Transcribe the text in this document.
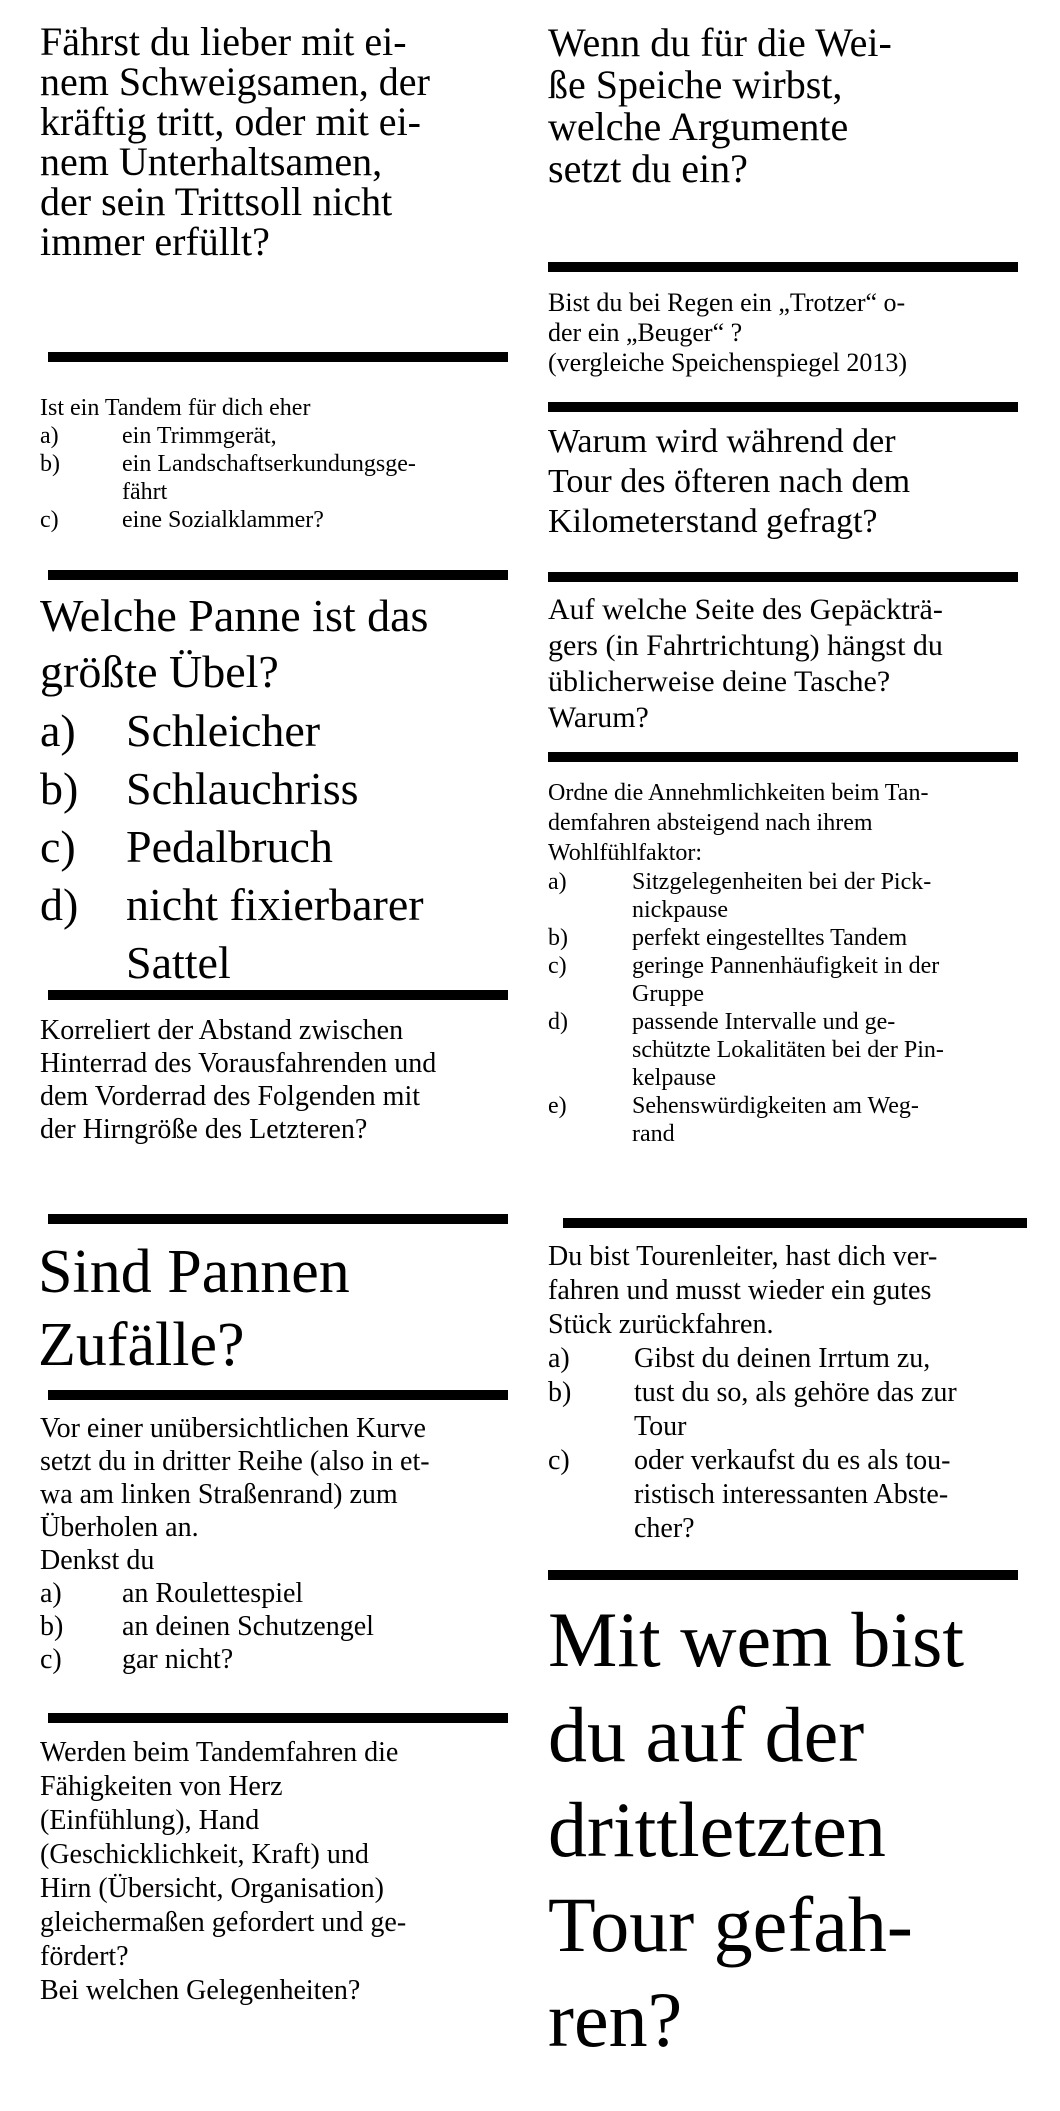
Fährst du lieber mit ei-
nem Schweigsamen, der
kräftig tritt, oder mit ei-
nem Unterhaltsamen,
der sein Trittsoll nicht
immer erfüllt?
Ist ein Tandem für dich eher
a)	ein Trimmgerät,
b)	ein Landschaftserkundungsge-
fährt
c)	eine Sozialklammer?
Welche Panne ist das
größte Übel?
a)	Schleicher
b)	Schlauchriss
c)	Pedalbruch
d)	nicht fixierbarer
Sattel
Korreliert der Abstand zwischen
Hinterrad des Vorausfahrenden und
dem Vorderrad des Folgenden mit
der Hirngröße des Letzteren?
Sind Pannen
Zufälle?
Vor einer unübersichtlichen Kurve
setzt du in dritter Reihe (also in et-
wa am linken Straßenrand) zum
Überholen an.
Denkst du
a)	an Roulettespiel
b)	an deinen Schutzengel
c)	gar nicht?
Werden beim Tandemfahren die
Fähigkeiten von Herz
(Einfühlung), Hand
(Geschicklichkeit, Kraft) und
Hirn (Übersicht, Organisation)
gleichermaßen gefordert und ge-
fördert?
Bei welchen Gelegenheiten?
Wenn du für die Wei-
ße Speiche wirbst,
welche Argumente
setzt du ein?
Bist du bei Regen ein „Trotzer“ o-
der ein „Beuger“ ?
(vergleiche Speichenspiegel 2013)
Warum wird während der
Tour des öfteren nach dem
Kilometerstand gefragt?
Auf welche Seite des Gepäckträ-
gers (in Fahrtrichtung) hängst du
üblicherweise deine Tasche?
Warum?
Ordne die Annehmlichkeiten beim Tan-
demfahren absteigend nach ihrem
Wohlfühlfaktor:
a)	Sitzgelegenheiten bei der Pick-
nickpause
b)	perfekt eingestelltes Tandem
c)	geringe Pannenhäufigkeit in der
Gruppe
d)	passende Intervalle und ge-
schützte Lokalitäten bei der Pin-
kelpause
e)	Sehenswürdigkeiten am Weg-
rand
Du bist Tourenleiter, hast dich ver-
fahren und musst wieder ein gutes
Stück zurückfahren.
a)	Gibst du deinen Irrtum zu,
b)	tust du so, als gehöre das zur
Tour
c)	oder verkaufst du es als tou-
ristisch interessanten Abste-
cher?
Mit wem bist
du auf der
drittletzten
Tour gefah-
ren?
